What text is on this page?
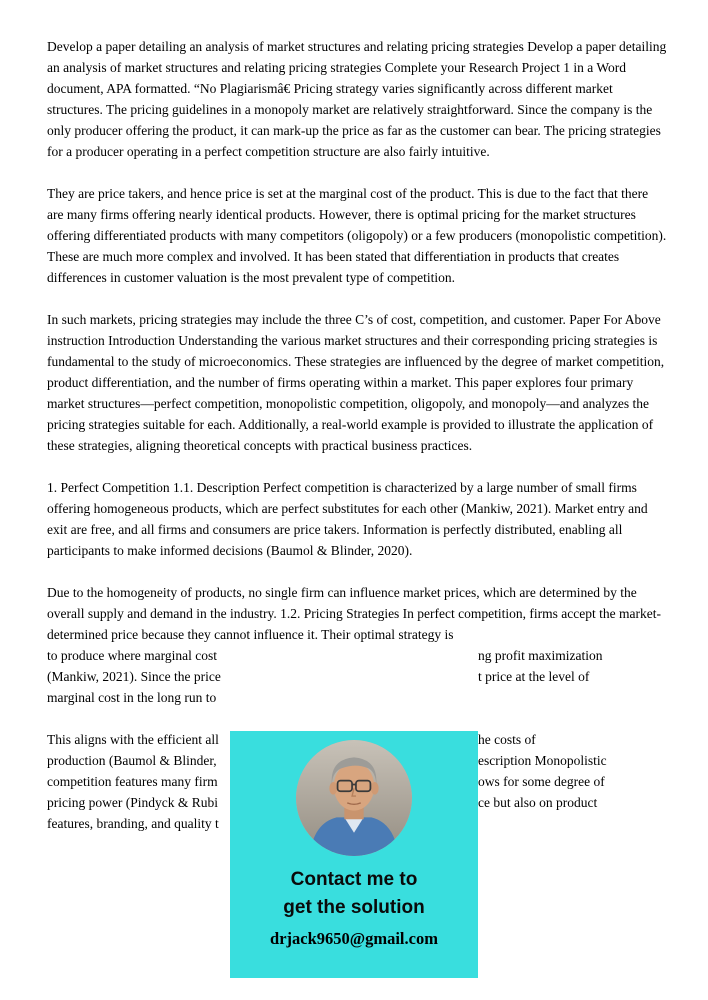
Develop a paper detailing an analysis of market structures and relating pricing strategies Develop a paper detailing an analysis of market structures and relating pricing strategies Complete your Research Project 1 in a Word document, APA formatted. “No Plagiarismâ€ Pricing strategy varies significantly across different market structures. The pricing guidelines in a monopoly market are relatively straightforward. Since the company is the only producer offering the product, it can mark-up the price as far as the customer can bear. The pricing strategies for a producer operating in a perfect competition structure are also fairly intuitive.

They are price takers, and hence price is set at the marginal cost of the product. This is due to the fact that there are many firms offering nearly identical products. However, there is optimal pricing for the market structures offering differentiated products with many competitors (oligopoly) or a few producers (monopolistic competition). These are much more complex and involved. It has been stated that differentiation in products that creates differences in customer valuation is the most prevalent type of competition.

In such markets, pricing strategies may include the three C’s of cost, competition, and customer. Paper For Above instruction Introduction Understanding the various market structures and their corresponding pricing strategies is fundamental to the study of microeconomics. These strategies are influenced by the degree of market competition, product differentiation, and the number of firms operating within a market. This paper explores four primary market structures—perfect competition, monopolistic competition, oligopoly, and monopoly—and analyzes the pricing strategies suitable for each. Additionally, a real-world example is provided to illustrate the application of these strategies, aligning theoretical concepts with practical business practices.

1. Perfect Competition 1.1. Description Perfect competition is characterized by a large number of small firms offering homogeneous products, which are perfect substitutes for each other (Mankiw, 2021). Market entry and exit are free, and all firms and consumers are price takers. Information is perfectly distributed, enabling all participants to make informed decisions (Baumol & Blinder, 2020).

Due to the homogeneity of products, no single firm can influence market prices, which are determined by the overall supply and demand in the industry. 1.2. Pricing Strategies In perfect competition, firms accept the market-determined price because they cannot influence it. Their optimal strategy is
to produce where marginal cost	ng profit maximization
(Mankiw, 2021). Since the price	t price at the level of
marginal cost in the long run to
This aligns with the efficient all	he costs of
production (Baumol & Blinder,	escription Monopolistic
competition features many firm	ows for some degree of
pricing power (Pindyck & Rubi	ce but also on product
features, branding, and quality t
Contact me to
get the solution
drjack9650@gmail.com
